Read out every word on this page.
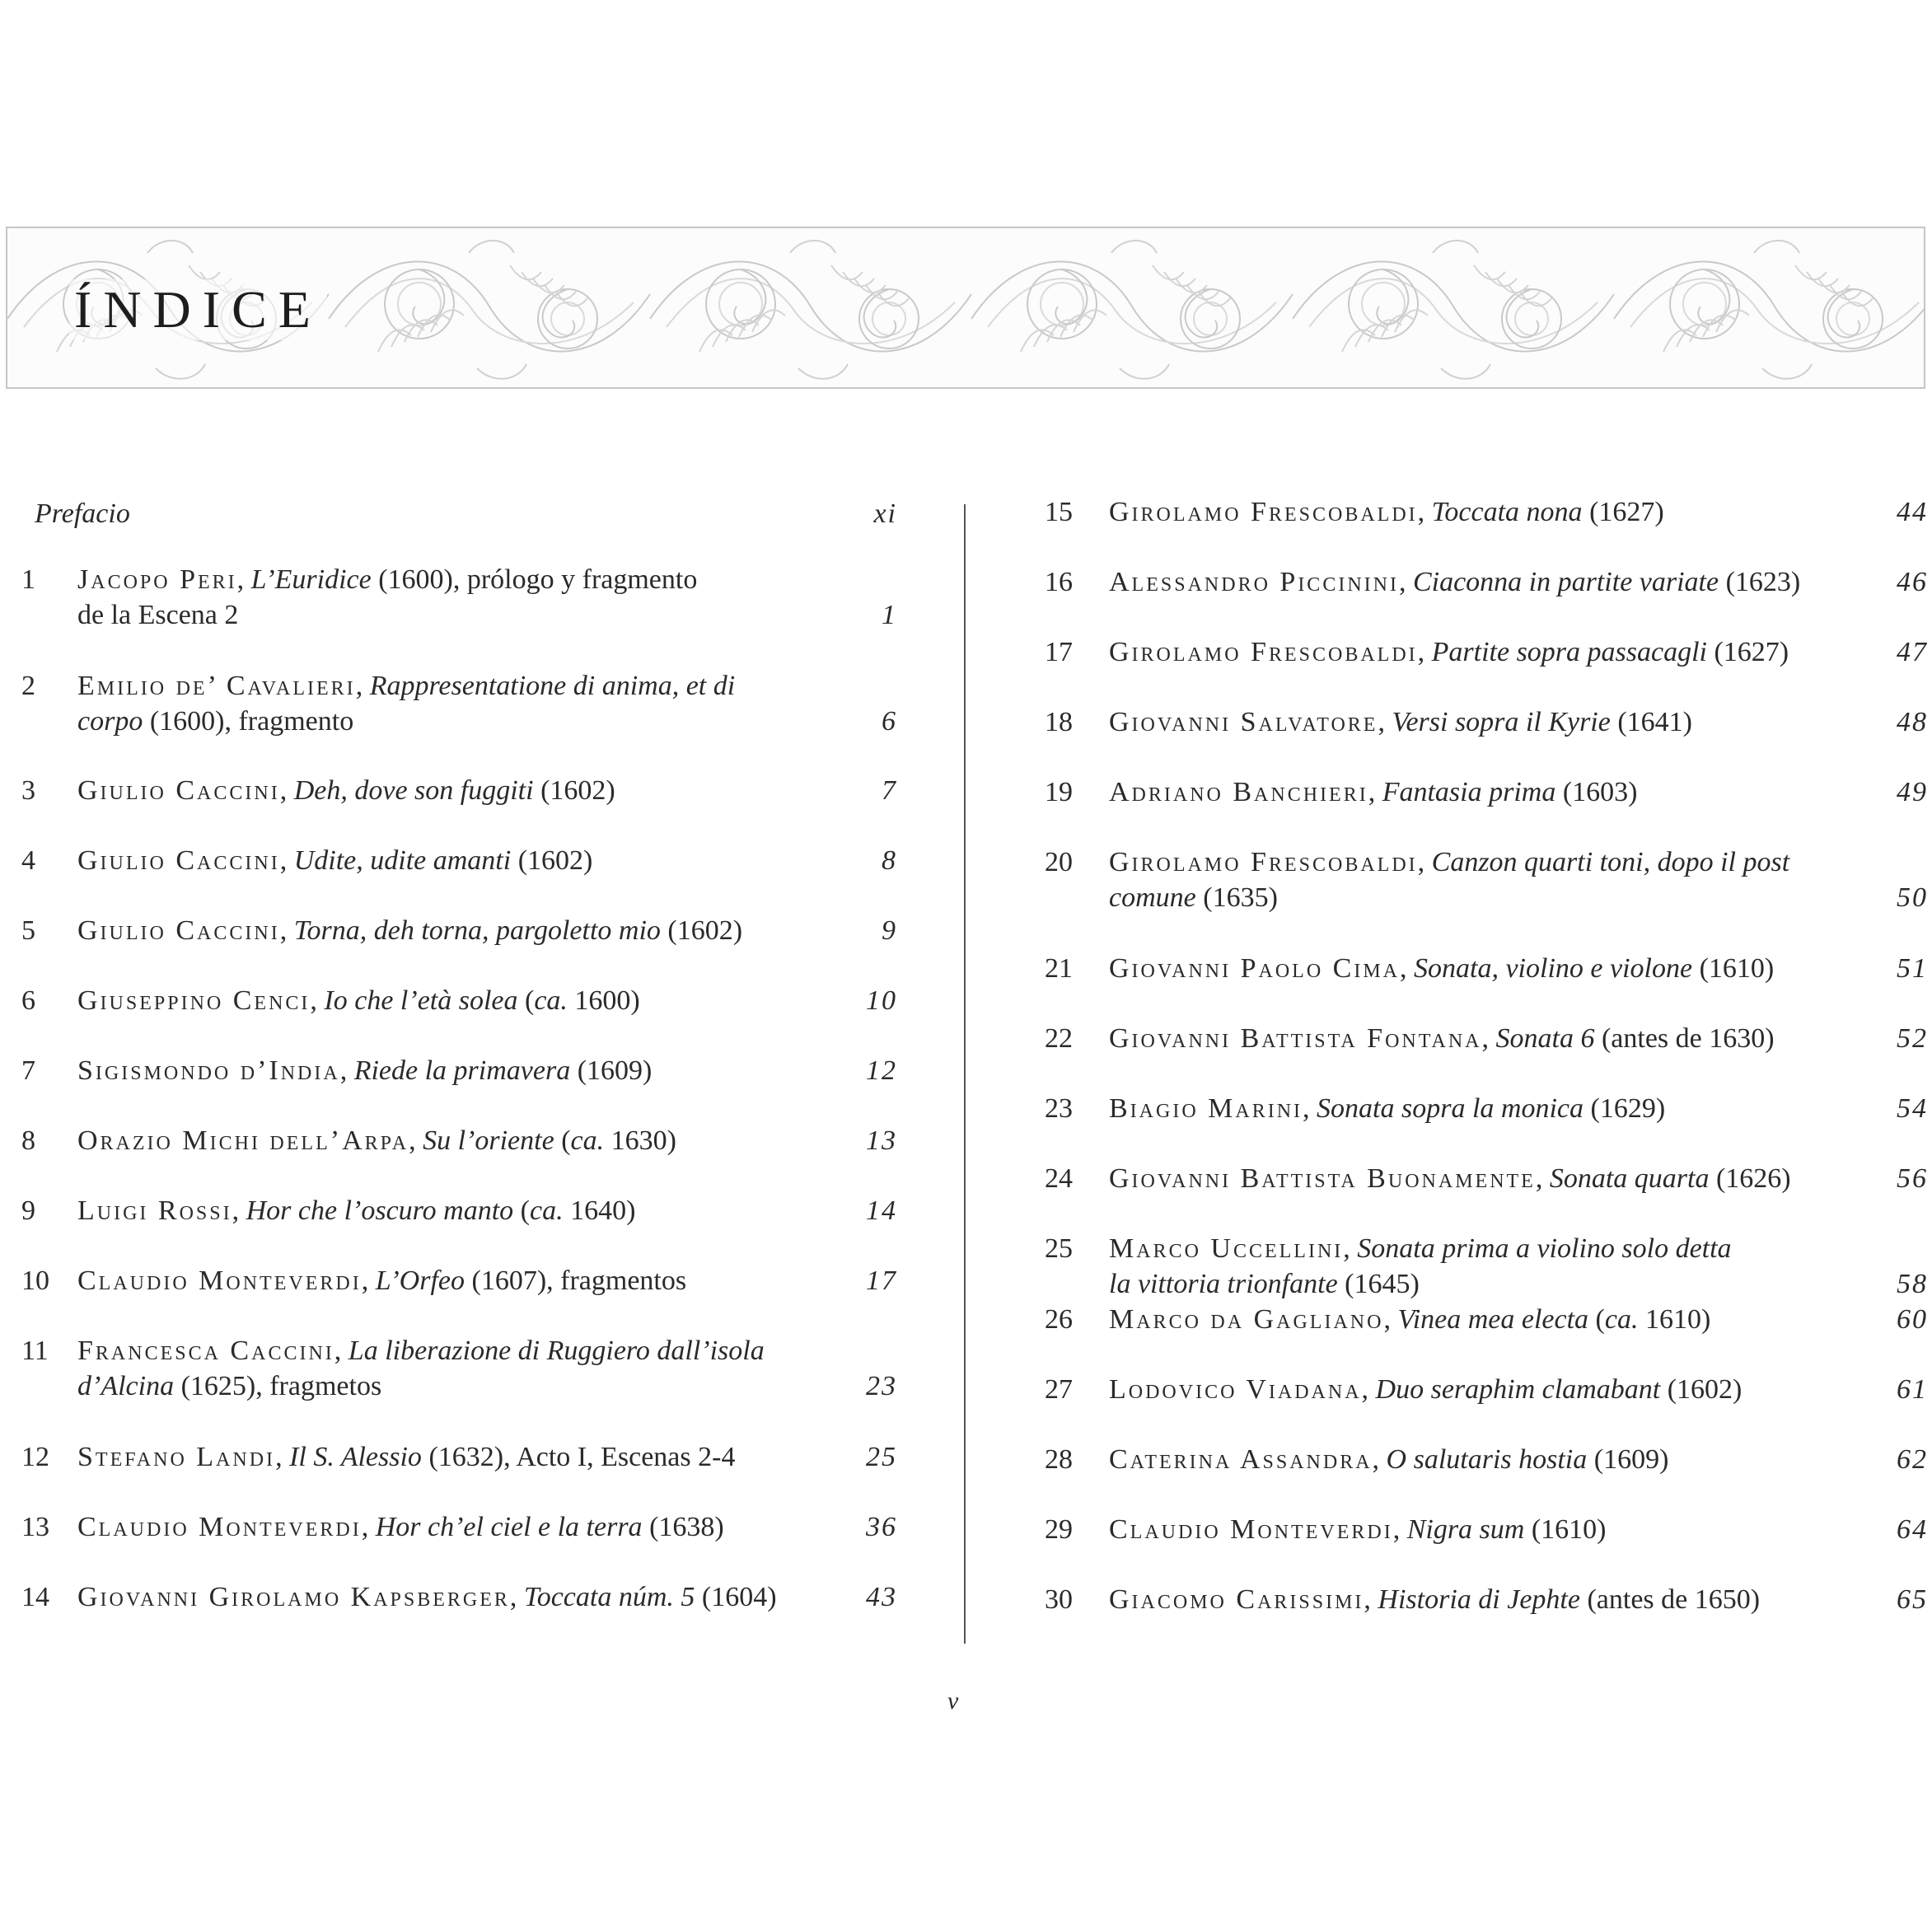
ÍNDICE
Prefacio	xi
1 Jacopo Peri, L’Euridice (1600), prólogo y fragmento
de la Escena 2	1
2 Emilio de’ Cavalieri, Rappresentatione di anima, et di
corpo (1600), fragmento	6
3 Giulio Caccini, Deh, dove son fuggiti (1602)	7
4 Giulio Caccini, Udite, udite amanti (1602)	8
5 Giulio Caccini, Torna, deh torna, pargoletto mio (1602)	9
6 Giuseppino Cenci, Io che l’età solea (ca. 1600)	10
7 Sigismondo d’India, Riede la primavera (1609)	12
8 Orazio Michi dell’Arpa, Su l’oriente (ca. 1630)	13
9 Luigi Rossi, Hor che l’oscuro manto (ca. 1640)	14
10 Claudio Monteverdi, L’Orfeo (1607), fragmentos	17
11 Francesca Caccini, La liberazione di Ruggiero dall’isola
d’Alcina (1625), fragmetos	23
12 Stefano Landi, Il S. Alessio (1632), Acto I, Escenas 2-4	25
13 Claudio Monteverdi, Hor ch’el ciel e la terra (1638)	36
14 Giovanni Girolamo Kapsberger, Toccata núm. 5 (1604)	43
15 Girolamo Frescobaldi, Toccata nona (1627)	44
16 Alessandro Piccinini, Ciaconna in partite variate (1623)	46
17 Girolamo Frescobaldi, Partite sopra passacagli (1627)	47
18 Giovanni Salvatore, Versi sopra il Kyrie (1641)	48
19 Adriano Banchieri, Fantasia prima (1603)	49
20 Girolamo Frescobaldi, Canzon quarti toni, dopo il post
comune (1635)	50
21 Giovanni Paolo Cima, Sonata, violino e violone (1610)	51
22 Giovanni Battista Fontana, Sonata 6 (antes de 1630)	52
23 Biagio Marini, Sonata sopra la monica (1629)	54
24 Giovanni Battista Buonamente, Sonata quarta (1626)	56
25 Marco Uccellini, Sonata prima a violino solo detta
la vittoria trionfante (1645)	58
26 Marco da Gagliano, Vinea mea electa (ca. 1610)	60
27 Lodovico Viadana, Duo seraphim clamabant (1602)	61
28 Caterina Assandra, O salutaris hostia (1609)	62
29 Claudio Monteverdi, Nigra sum (1610)	64
30 Giacomo Carissimi, Historia di Jephte (antes de 1650)	65
v
